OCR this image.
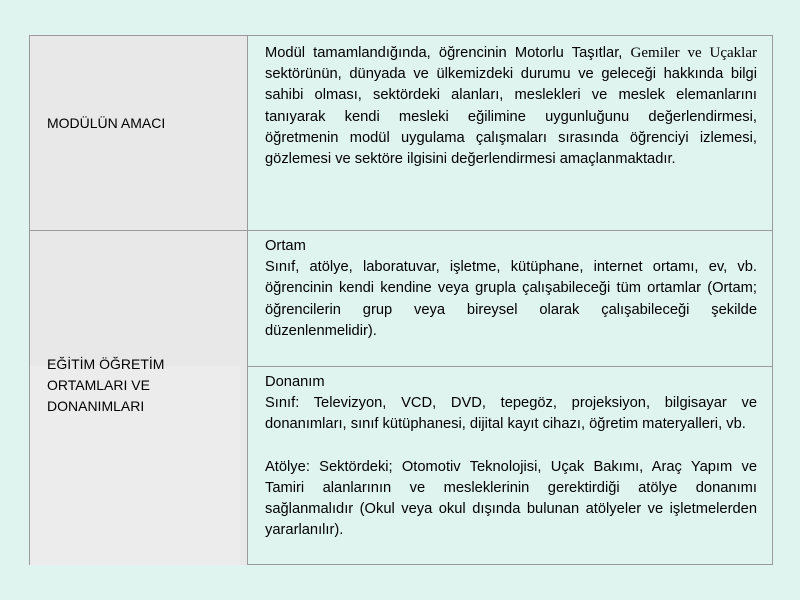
MODÜLÜN AMACI

Modül tamamlandığında, öğrencinin Motorlu Taşıtlar, Gemiler ve Uçaklar sektörünün, dünyada ve ülkemizdeki durumu ve geleceği hakkında bilgi sahibi olması, sektördeki alanları, meslekleri ve meslek elemanlarını tanıyarak kendi mesleki eğilimine uygunluğunu değerlendirmesi, öğretmenin modül uygulama çalışmaları sırasında öğrenciyi izlemesi, gözlemesi ve sektöre ilgisini değerlendirmesi amaçlanmaktadır.

EĞİTİM ÖĞRETİM
ORTAMLARI VE
DONANIMLARI

Ortam

Sınıf, atölye, laboratuvar, işletme, kütüphane, internet ortamı, ev, vb. öğrencinin kendi kendine veya grupla çalışabileceği tüm ortamlar (Ortam; öğrencilerin grup veya bireysel olarak çalışabileceği şekilde düzenlenmelidir).

Donanım

Sınıf: Televizyon, VCD, DVD, tepegöz, projeksiyon, bilgisayar ve donanımları, sınıf kütüphanesi, dijital kayıt cihazı, öğretim materyalleri, vb.

Atölye: Sektördeki; Otomotiv Teknolojisi, Uçak Bakımı, Araç Yapım ve Tamiri alanlarının ve mesleklerinin gerektirdiği atölye donanımı sağlanmalıdır (Okul veya okul dışında bulunan atölyeler ve işletmelerden yararlanılır).
